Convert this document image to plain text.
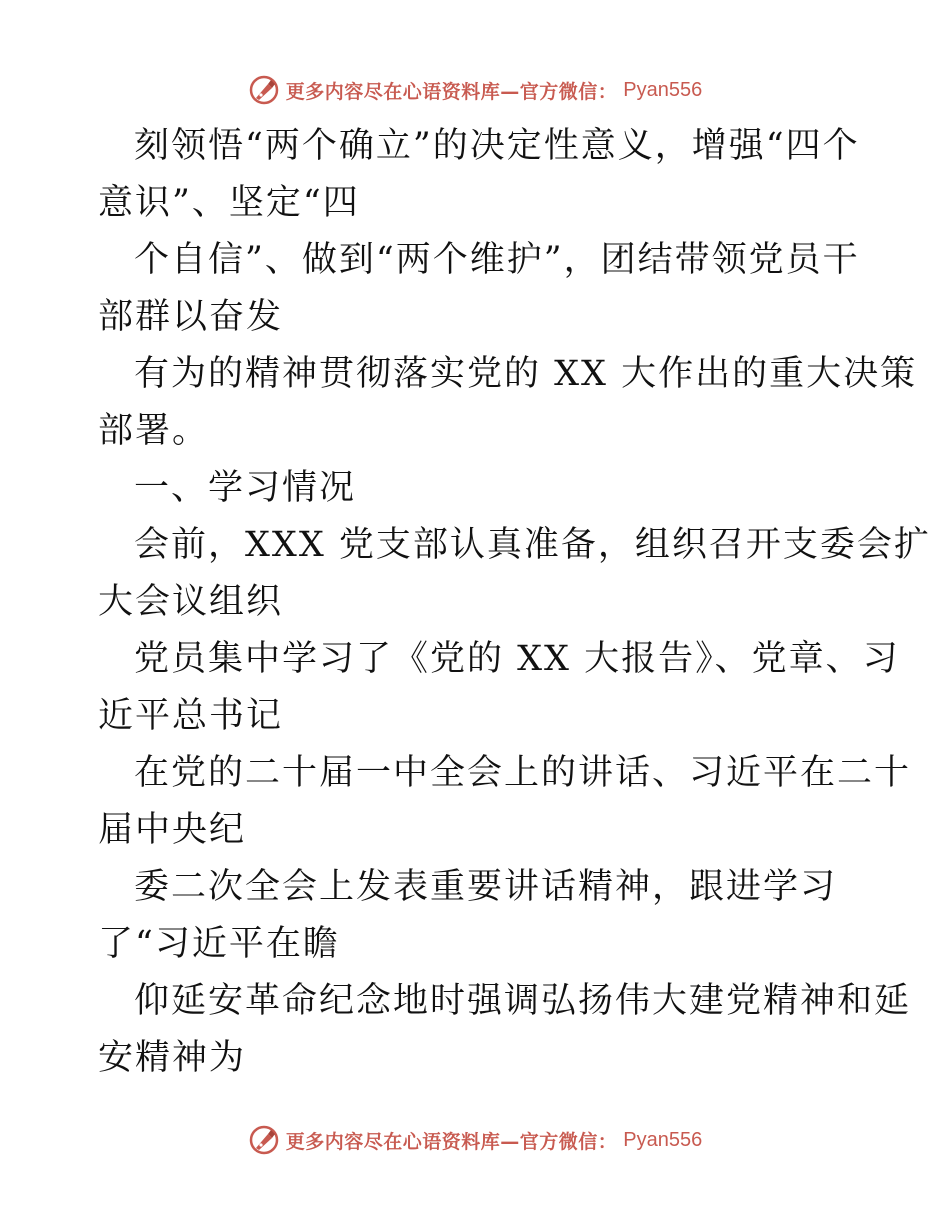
更多内容尽在心语资料库—官方微信： Pyan556
刻领悟“两个确立”的决定性意义，增强“四个
意识”、坚定“四
个自信”、做到“两个维护”，团结带领党员干
部群以奋发
有为的精神贯彻落实党的 XX 大作出的重大决策
部署。
一、学习情况
会前，XXX 党支部认真准备，组织召开支委会扩
大会议组织
党员集中学习了《党的 XX 大报告》、党章、习
近平总书记
在党的二十届一中全会上的讲话、习近平在二十
届中央纪
委二次全会上发表重要讲话精神，跟进学习
了“习近平在瞻
仰延安革命纪念地时强调弘扬伟大建党精神和延
安精神为
更多内容尽在心语资料库—官方微信： Pyan556
